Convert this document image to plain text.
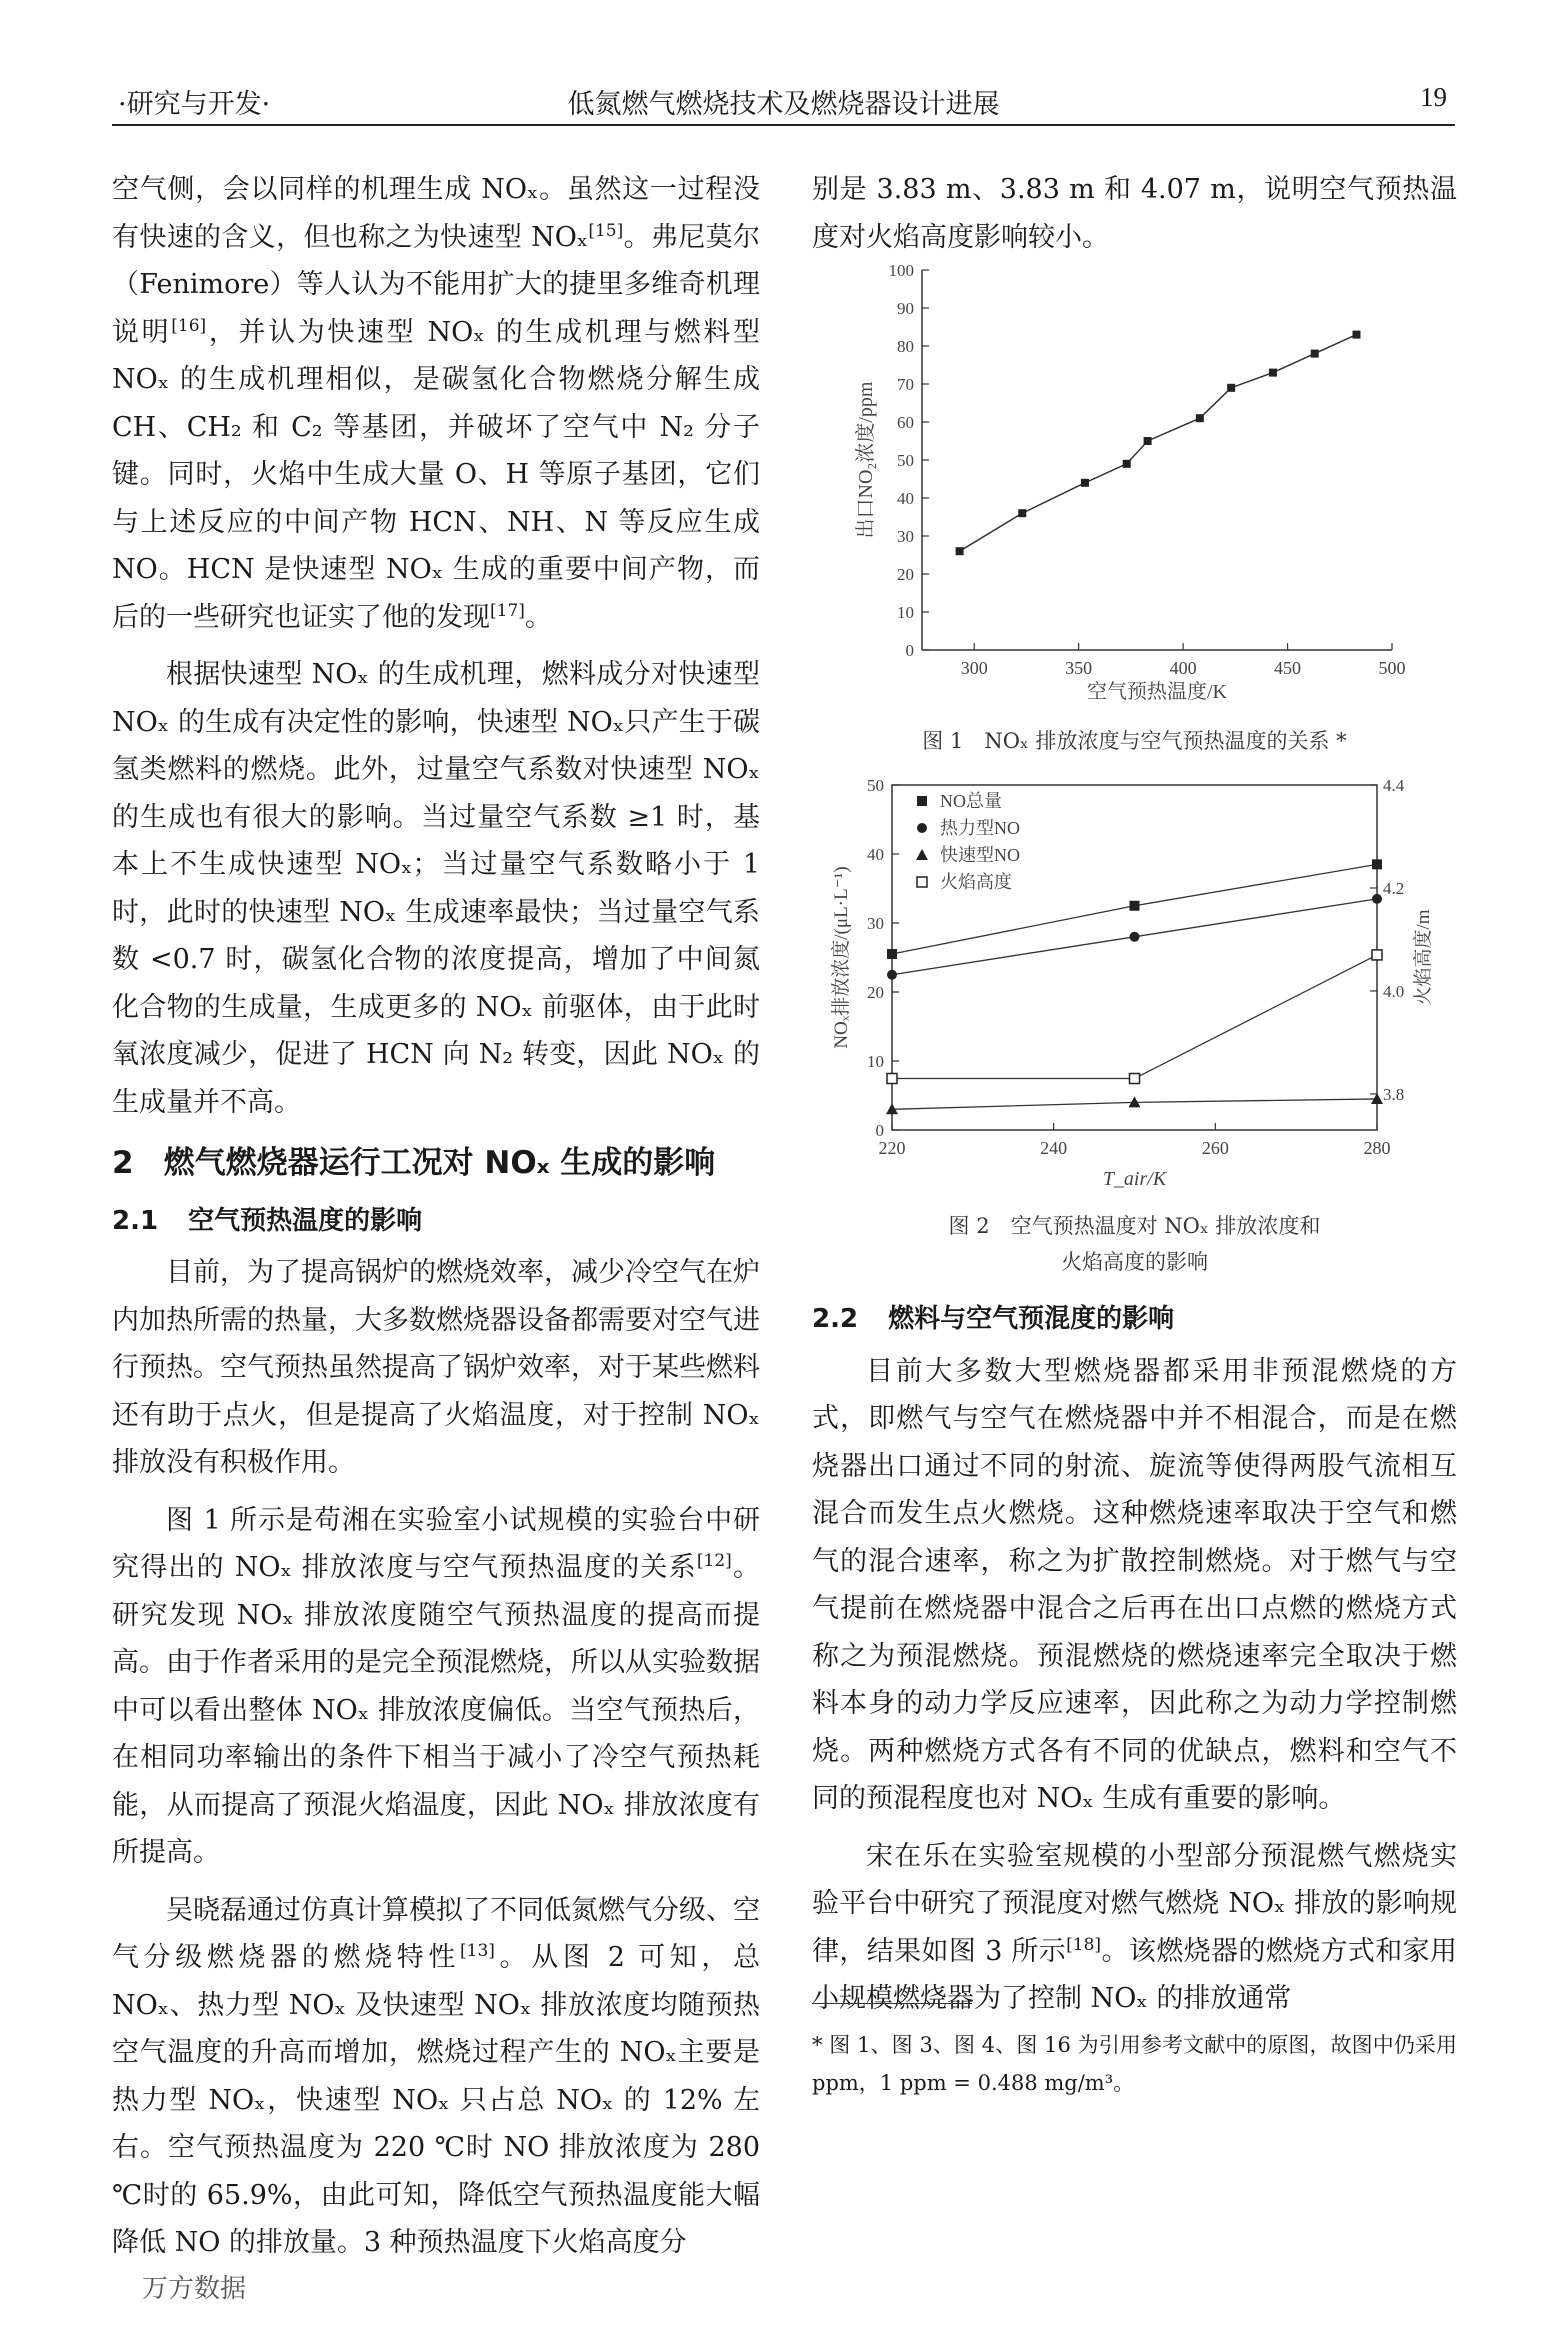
·研究与开发·	低氮燃气燃烧技术及燃烧器设计进展	19

空气侧，会以同样的机理生成 NOₓ。虽然这一过程没有快速的含义，但也称之为快速型 NOₓ[15]。弗尼莫尔（Fenimore）等人认为不能用扩大的捷里多维奇机理说明[16]，并认为快速型 NOₓ 的生成机理与燃料型 NOₓ 的生成机理相似，是碳氢化合物燃烧分解生成 CH、CH₂ 和 C₂ 等基团，并破坏了空气中 N₂ 分子键。同时，火焰中生成大量 O、H 等原子基团，它们与上述反应的中间产物 HCN、NH、N 等反应生成 NO。HCN 是快速型 NOₓ 生成的重要中间产物，而后的一些研究也证实了他的发现[17]。

根据快速型 NOₓ 的生成机理，燃料成分对快速型 NOₓ 的生成有决定性的影响，快速型 NOₓ只产生于碳氢类燃料的燃烧。此外，过量空气系数对快速型 NOₓ 的生成也有很大的影响。当过量空气系数 ≥1 时，基本上不生成快速型 NOₓ；当过量空气系数略小于 1 时，此时的快速型 NOₓ 生成速率最快；当过量空气系数 <0.7 时，碳氢化合物的浓度提高，增加了中间氮化合物的生成量，生成更多的 NOₓ 前驱体，由于此时氧浓度减少，促进了 HCN 向 N₂ 转变，因此 NOₓ 的生成量并不高。

2 燃气燃烧器运行工况对 NOₓ 生成的影响
2.1 空气预热温度的影响

目前，为了提高锅炉的燃烧效率，减少冷空气在炉内加热所需的热量，大多数燃烧器设备都需要对空气进行预热。空气预热虽然提高了锅炉效率，对于某些燃料还有助于点火，但是提高了火焰温度，对于控制 NOₓ 排放没有积极作用。

图 1 所示是苟湘在实验室小试规模的实验台中研究得出的 NOₓ 排放浓度与空气预热温度的关系[12]。研究发现 NOₓ 排放浓度随空气预热温度的提高而提高。由于作者采用的是完全预混燃烧，所以从实验数据中可以看出整体 NOₓ 排放浓度偏低。当空气预热后，在相同功率输出的条件下相当于减小了冷空气预热耗能，从而提高了预混火焰温度，因此 NOₓ 排放浓度有所提高。

吴晓磊通过仿真计算模拟了不同低氮燃气分级、空气分级燃烧器的燃烧特性[13]。从图 2 可知，总 NOₓ、热力型 NOₓ 及快速型 NOₓ 排放浓度均随预热空气温度的升高而增加，燃烧过程产生的 NOₓ主要是热力型 NOₓ，快速型 NOₓ 只占总 NOₓ 的 12% 左右。空气预热温度为 220 ℃时 NO 排放浓度为 280 ℃时的 65.9%，由此可知，降低空气预热温度能大幅降低 NO 的排放量。3 种预热温度下火焰高度分

别是 3.83 m、3.83 m 和 4.07 m，说明空气预热温度对火焰高度影响较小。

0
10
20
30
40
50
60
70
80
90
100
300	350	400	450	500
空气预热温度/K
出口NO₂浓度/ppm
图 1　NOₓ 排放浓度与空气预热温度的关系 *
0
10
20
30
40
50
3.8
4.0
4.2
4.4
220	240	260	280
T_air/K
NOₓ排放浓度/(μL·L⁻¹)	火焰高度/m
NO总量
热力型NO
快速型NO
火焰高度
图 2　空气预热温度对 NOₓ 排放浓度和
火焰高度的影响
2.2 燃料与空气预混度的影响

目前大多数大型燃烧器都采用非预混燃烧的方式，即燃气与空气在燃烧器中并不相混合，而是在燃烧器出口通过不同的射流、旋流等使得两股气流相互混合而发生点火燃烧。这种燃烧速率取决于空气和燃气的混合速率，称之为扩散控制燃烧。对于燃气与空气提前在燃烧器中混合之后再在出口点燃的燃烧方式称之为预混燃烧。预混燃烧的燃烧速率完全取决于燃料本身的动力学反应速率，因此称之为动力学控制燃烧。两种燃烧方式各有不同的优缺点，燃料和空气不同的预混程度也对 NOₓ 生成有重要的影响。

宋在乐在实验室规模的小型部分预混燃气燃烧实验平台中研究了预混度对燃气燃烧 NOₓ 排放的影响规律，结果如图 3 所示[18]。该燃烧器的燃烧方式和家用小规模燃烧器为了控制 NOₓ 的排放通常

* 图 1、图 3、图 4、图 16 为引用参考文献中的原图，故图中仍采用 ppm，1 ppm = 0.488 mg/m³。
万方数据
